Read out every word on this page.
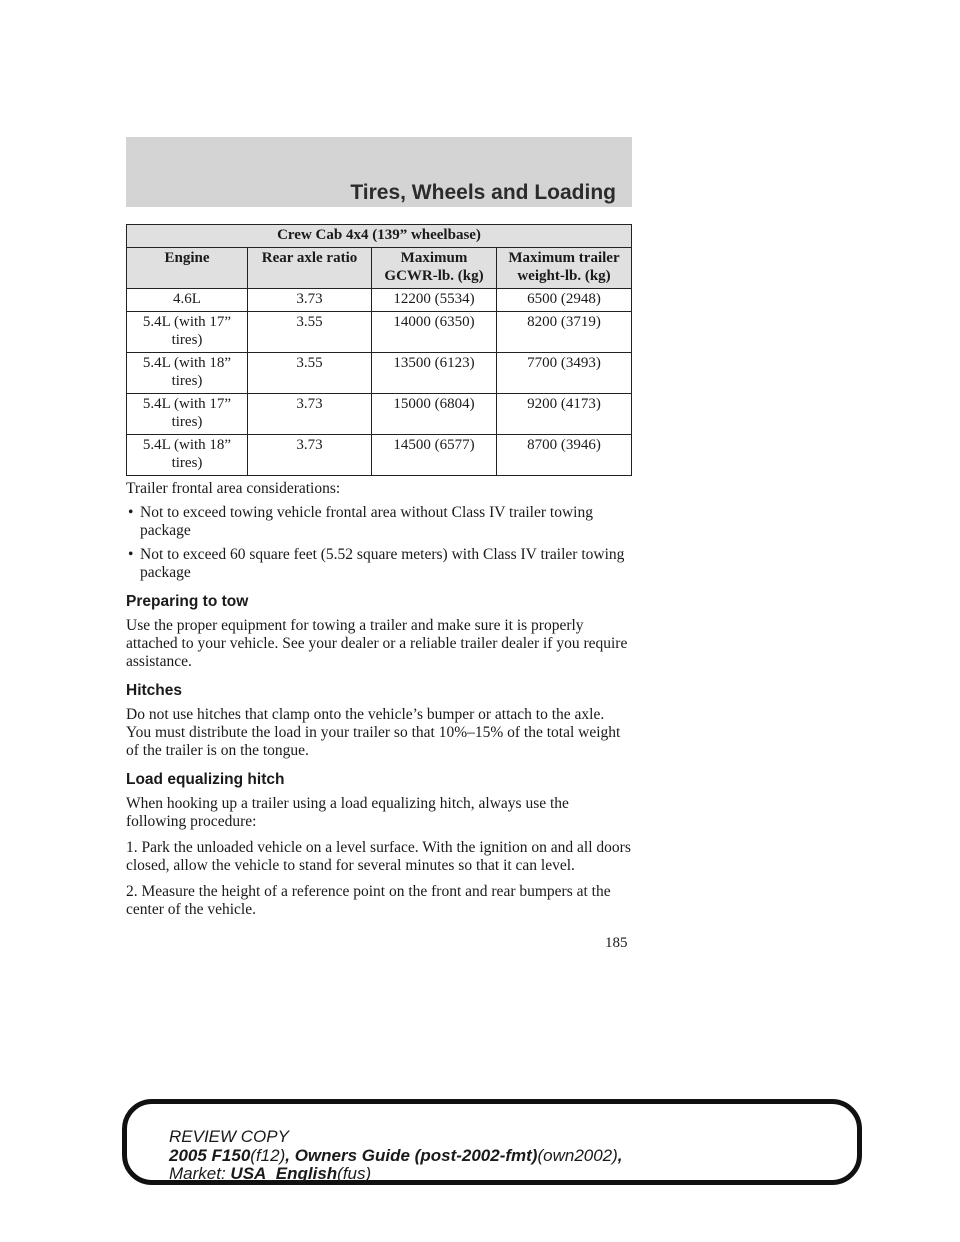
Tires, Wheels and Loading
Crew Cab 4x4 (139” wheelbase)			
Engine	Rear axle ratio	Maximum GCWR-lb. (kg)	Maximum trailer weight-lb. (kg)
4.6L	3.73	12200 (5534)	6500 (2948)
5.4L (with 17” tires)	3.55	14000 (6350)	8200 (3719)
5.4L (with 18” tires)	3.55	13500 (6123)	7700 (3493)
5.4L (with 17” tires)	3.73	15000 (6804)	9200 (4173)
5.4L (with 18” tires)	3.73	14500 (6577)	8700 (3946)

Trailer frontal area considerations:

• Not to exceed towing vehicle frontal area without Class IV trailer towing package
• Not to exceed 60 square feet (5.52 square meters) with Class IV trailer towing package
Preparing to tow

Use the proper equipment for towing a trailer and make sure it is properly attached to your vehicle. See your dealer or a reliable trailer dealer if you require assistance.

Hitches

Do not use hitches that clamp onto the vehicle’s bumper or attach to the axle. You must distribute the load in your trailer so that 10%–15% of the total weight of the trailer is on the tongue.

Load equalizing hitch

When hooking up a trailer using a load equalizing hitch, always use the following procedure:

1. Park the unloaded vehicle on a level surface. With the ignition on and all doors closed, allow the vehicle to stand for several minutes so that it can level.

2. Measure the height of a reference point on the front and rear bumpers at the center of the vehicle.

185
REVIEW COPY
2005 F150(f12), Owners Guide (post-2002-fmt)(own2002),
Market: USA_English(fus)
